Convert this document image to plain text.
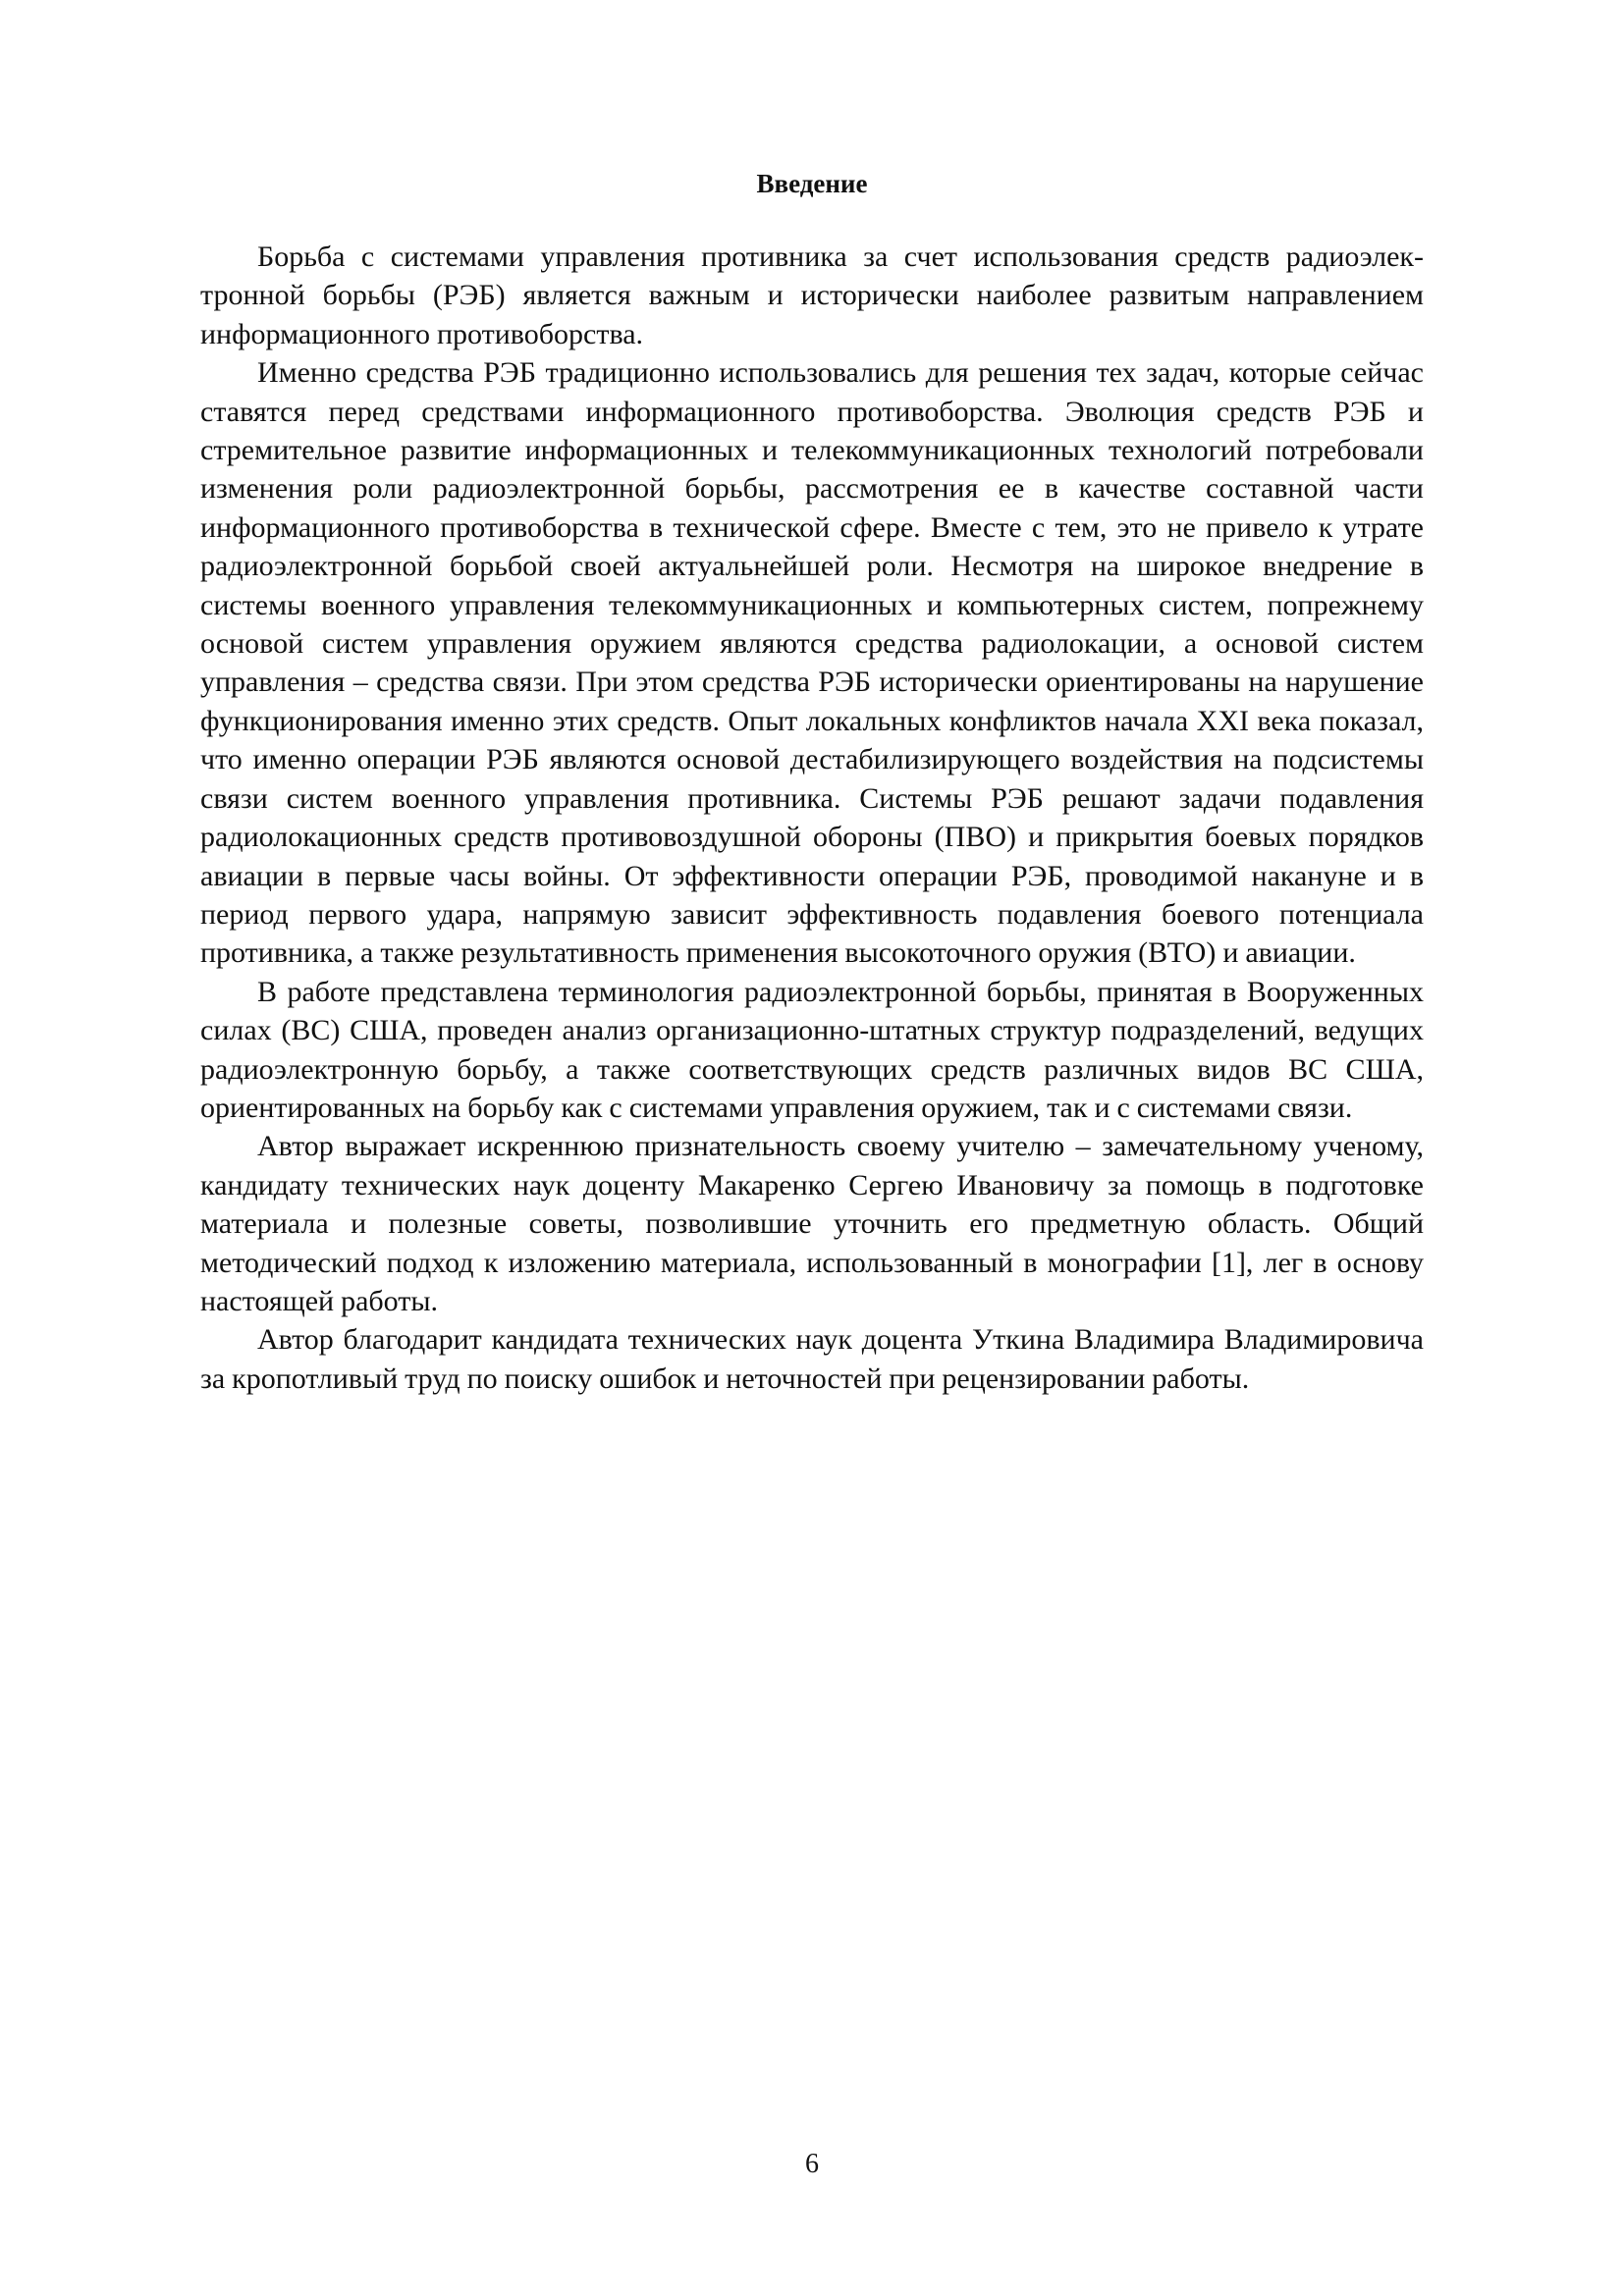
Введение

Борьба с системами управления противника за счет использования средств радиоэлектронной борьбы (РЭБ) является важным и исторически наиболее развитым направлением информационного противоборства.

Именно средства РЭБ традиционно использовались для решения тех задач, которые сейчас ставятся перед средствами информационного противоборства. Эволюция средств РЭБ и стремительное развитие информационных и телекоммуникационных технологий потребовали изменения роли радиоэлектронной борьбы, рассмотрения ее в качестве составной части информационного противоборства в технической сфере. Вместе с тем, это не привело к утрате радиоэлектронной борьбой своей актуальнейшей роли. Несмотря на широкое внедрение в системы военного управления телекоммуникационных и компьютерных систем, попрежнему основой систем управления оружием являются средства радиолокации, а основой систем управления – средства связи. При этом средства РЭБ исторически ориентированы на нарушение функционирования именно этих средств. Опыт локальных конфликтов начала XXI века показал, что именно операции РЭБ являются основой дестабилизирующего воздействия на подсистемы связи систем военного управления противника. Системы РЭБ решают задачи подавления радиолокационных средств противовоздушной обороны (ПВО) и прикрытия боевых порядков авиации в первые часы войны. От эффективности операции РЭБ, проводимой накануне и в период первого удара, напрямую зависит эффективность подавления боевого потенциала противника, а также результативность применения высокоточного оружия (ВТО) и авиации.

В работе представлена терминология радиоэлектронной борьбы, принятая в Вооруженных силах (ВС) США, проведен анализ организационно-штатных структур подразделений, ведущих радиоэлектронную борьбу, а также соответствующих средств различных видов ВС США, ориентированных на борьбу как с системами управления оружием, так и с системами связи.

Автор выражает искреннюю признательность своему учителю – замечательному ученому, кандидату технических наук доценту Макаренко Сергею Ивановичу за помощь в подготовке материала и полезные советы, позволившие уточнить его предметную область. Общий методический подход к изложению материала, использованный в монографии [1], лег в основу настоящей работы.

Автор благодарит кандидата технических наук доцента Уткина Владимира Владимировича за кропотливый труд по поиску ошибок и неточностей при рецензировании работы.

6
